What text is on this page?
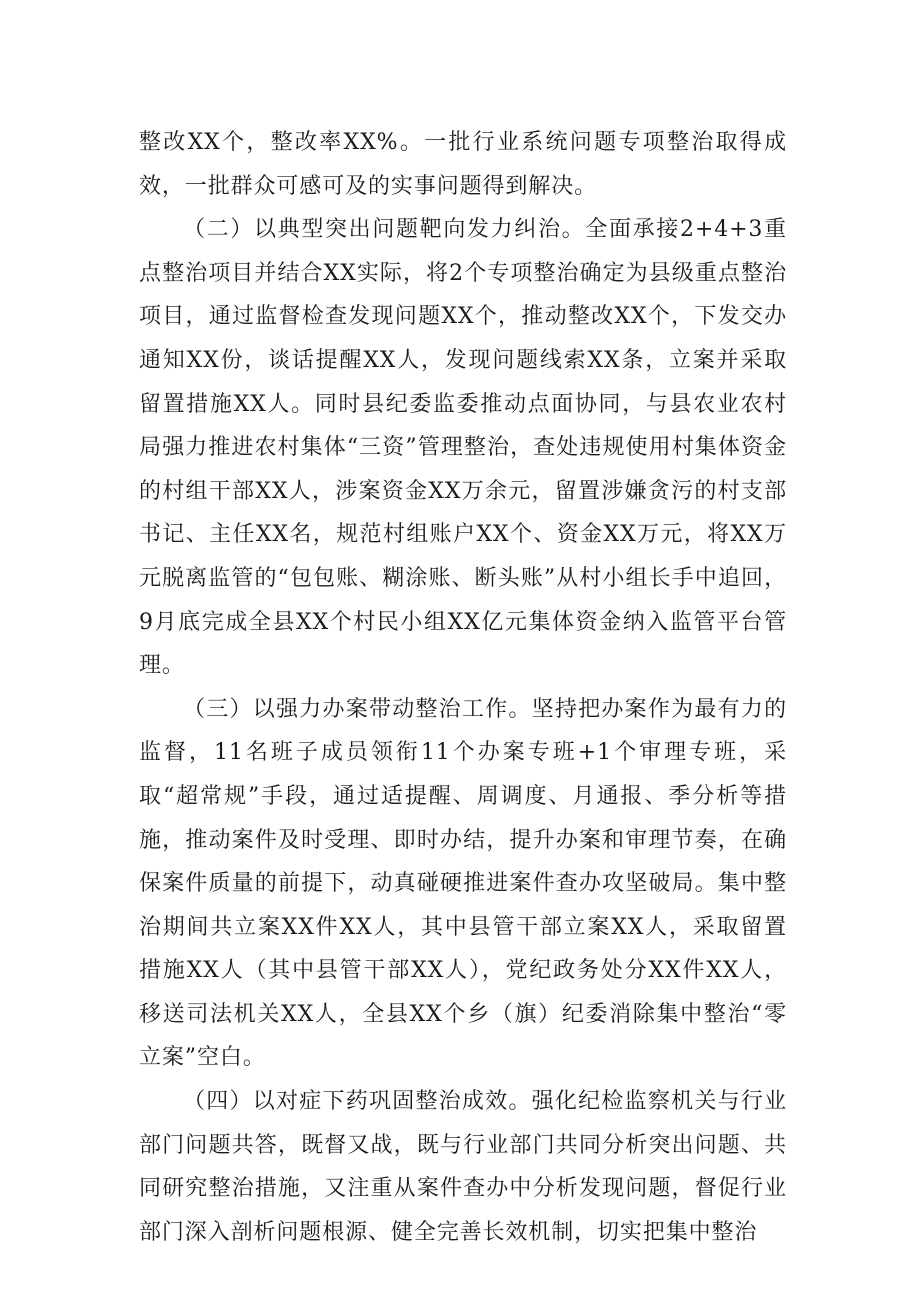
整改XX个，整改率XX%。一批行业系统问题专项整治取得成效，一批群众可感可及的实事问题得到解决。

（二）以典型突出问题靶向发力纠治。全面承接2+4+3重点整治项目并结合XX实际，将2个专项整治确定为县级重点整治项目，通过监督检查发现问题XX个，推动整改XX个，下发交办通知XX份，谈话提醒XX人，发现问题线索XX条，立案并采取留置措施XX人。同时县纪委监委推动点面协同，与县农业农村局强力推进农村集体“三资”管理整治，查处违规使用村集体资金的村组干部XX人，涉案资金XX万余元，留置涉嫌贪污的村支部书记、主任XX名，规范村组账户XX个、资金XX万元，将XX万元脱离监管的“包包账、糊涂账、断头账”从村小组长手中追回，9月底完成全县XX个村民小组XX亿元集体资金纳入监管平台管理。

（三）以强力办案带动整治工作。坚持把办案作为最有力的监督，11名班子成员领衔11个办案专班+1个审理专班，采取“超常规”手段，通过适提醒、周调度、月通报、季分析等措施，推动案件及时受理、即时办结，提升办案和审理节奏，在确保案件质量的前提下，动真碰硬推进案件查办攻坚破局。集中整治期间共立案XX件XX人，其中县管干部立案XX人，采取留置措施XX人（其中县管干部XX人），党纪政务处分XX件XX人，移送司法机关XX人，全县XX个乡（旗）纪委消除集中整治“零立案”空白。

（四）以对症下药巩固整治成效。强化纪检监察机关与行业部门问题共答，既督又战，既与行业部门共同分析突出问题、共同研究整治措施，又注重从案件查办中分析发现问题，督促行业部门深入剖析问题根源、健全完善长效机制，切实把集中整治
